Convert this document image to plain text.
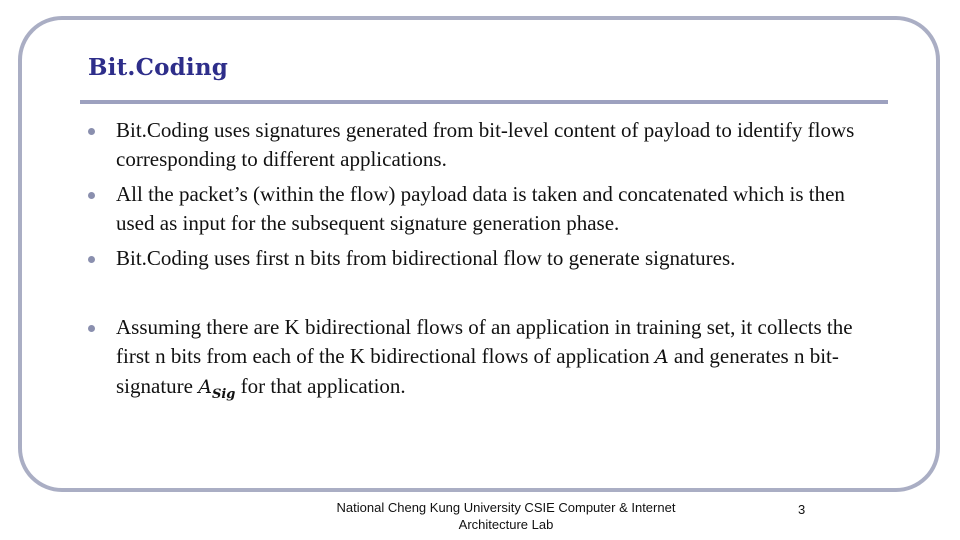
Bit.Coding
Bit.Coding uses signatures generated from bit-level content of payload to identify flows corresponding to different applications.
All the packet’s (within the flow) payload data is taken and concatenated which is then used as input for the subsequent signature generation phase.
Bit.Coding uses first n bits from bidirectional flow to generate signatures.
Assuming there are K bidirectional flows of an application in training set, it collects the first n bits from each of the K bidirectional flows of application A and generates n bit-signature $A_{Sig}$ for that application.
National Cheng Kung University CSIE Computer & Internet Architecture Lab
3
